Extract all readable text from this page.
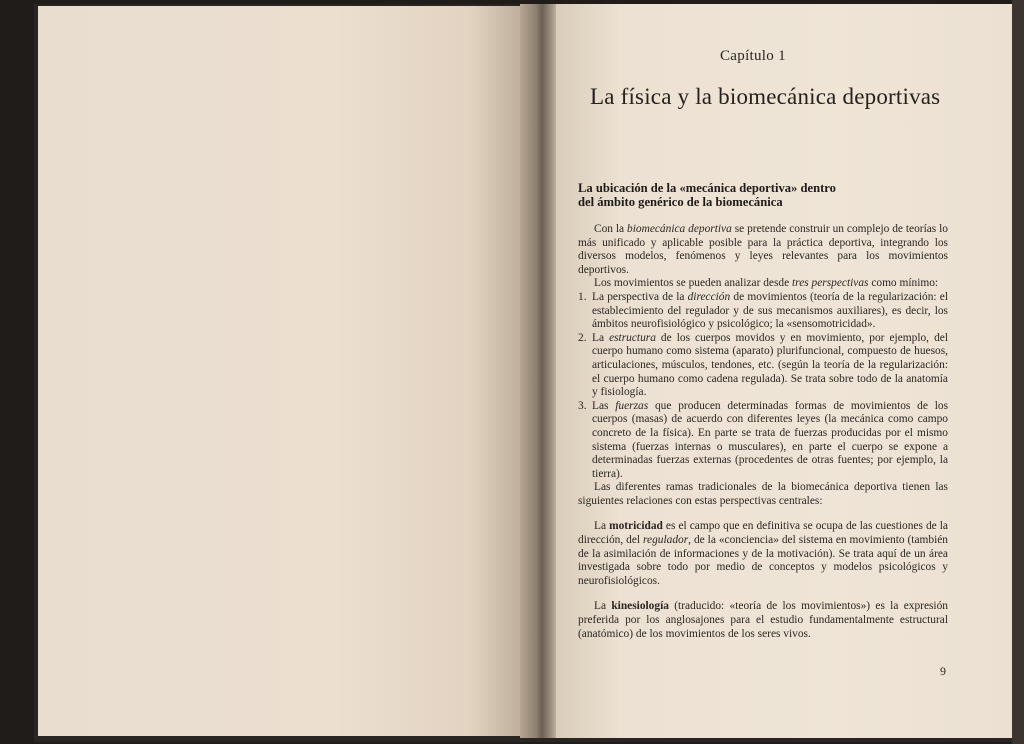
Capítulo 1
La física y la biomecánica deportivas
La ubicación de la «mecánica deportiva» dentro
del ámbito genérico de la biomecánica

Con la biomecánica deportiva se pretende construir un complejo de teorías lo más unificado y aplicable posible para la práctica deportiva, integrando los diversos modelos, fenómenos y leyes relevantes para los movimientos deportivos.

Los movimientos se pueden analizar desde tres perspectivas como mínimo:

1. La perspectiva de la dirección de movimientos (teoría de la regularización: el establecimiento del regulador y de sus mecanismos auxiliares), es decir, los ámbitos neurofisiológico y psicológico; la «sensomotricidad».
2. La estructura de los cuerpos movidos y en movimiento, por ejemplo, del cuerpo humano como sistema (aparato) plurifuncional, compuesto de huesos, articulaciones, músculos, tendones, etc. (según la teoría de la regularización: el cuerpo humano como cadena regulada). Se trata sobre todo de la anatomía y fisiología.
3. Las fuerzas que producen determinadas formas de movimientos de los cuerpos (masas) de acuerdo con diferentes leyes (la mecánica como campo concreto de la física). En parte se trata de fuerzas producidas por el mismo sistema (fuerzas internas o musculares), en parte el cuerpo se expone a determinadas fuerzas externas (procedentes de otras fuentes; por ejemplo, la tierra).

Las diferentes ramas tradicionales de la biomecánica deportiva tienen las siguientes relaciones con estas perspectivas centrales:

La motricidad es el campo que en definitiva se ocupa de las cuestiones de la dirección, del regulador, de la «conciencia» del sistema en movimiento (también de la asimilación de informaciones y de la motivación). Se trata aquí de un área investigada sobre todo por medio de conceptos y modelos psicológicos y neurofisiológicos.

La kinesiología (traducido: «teoría de los movimientos») es la expresión preferida por los anglosajones para el estudio fundamentalmente estructural (anatómico) de los movimientos de los seres vivos.

9
